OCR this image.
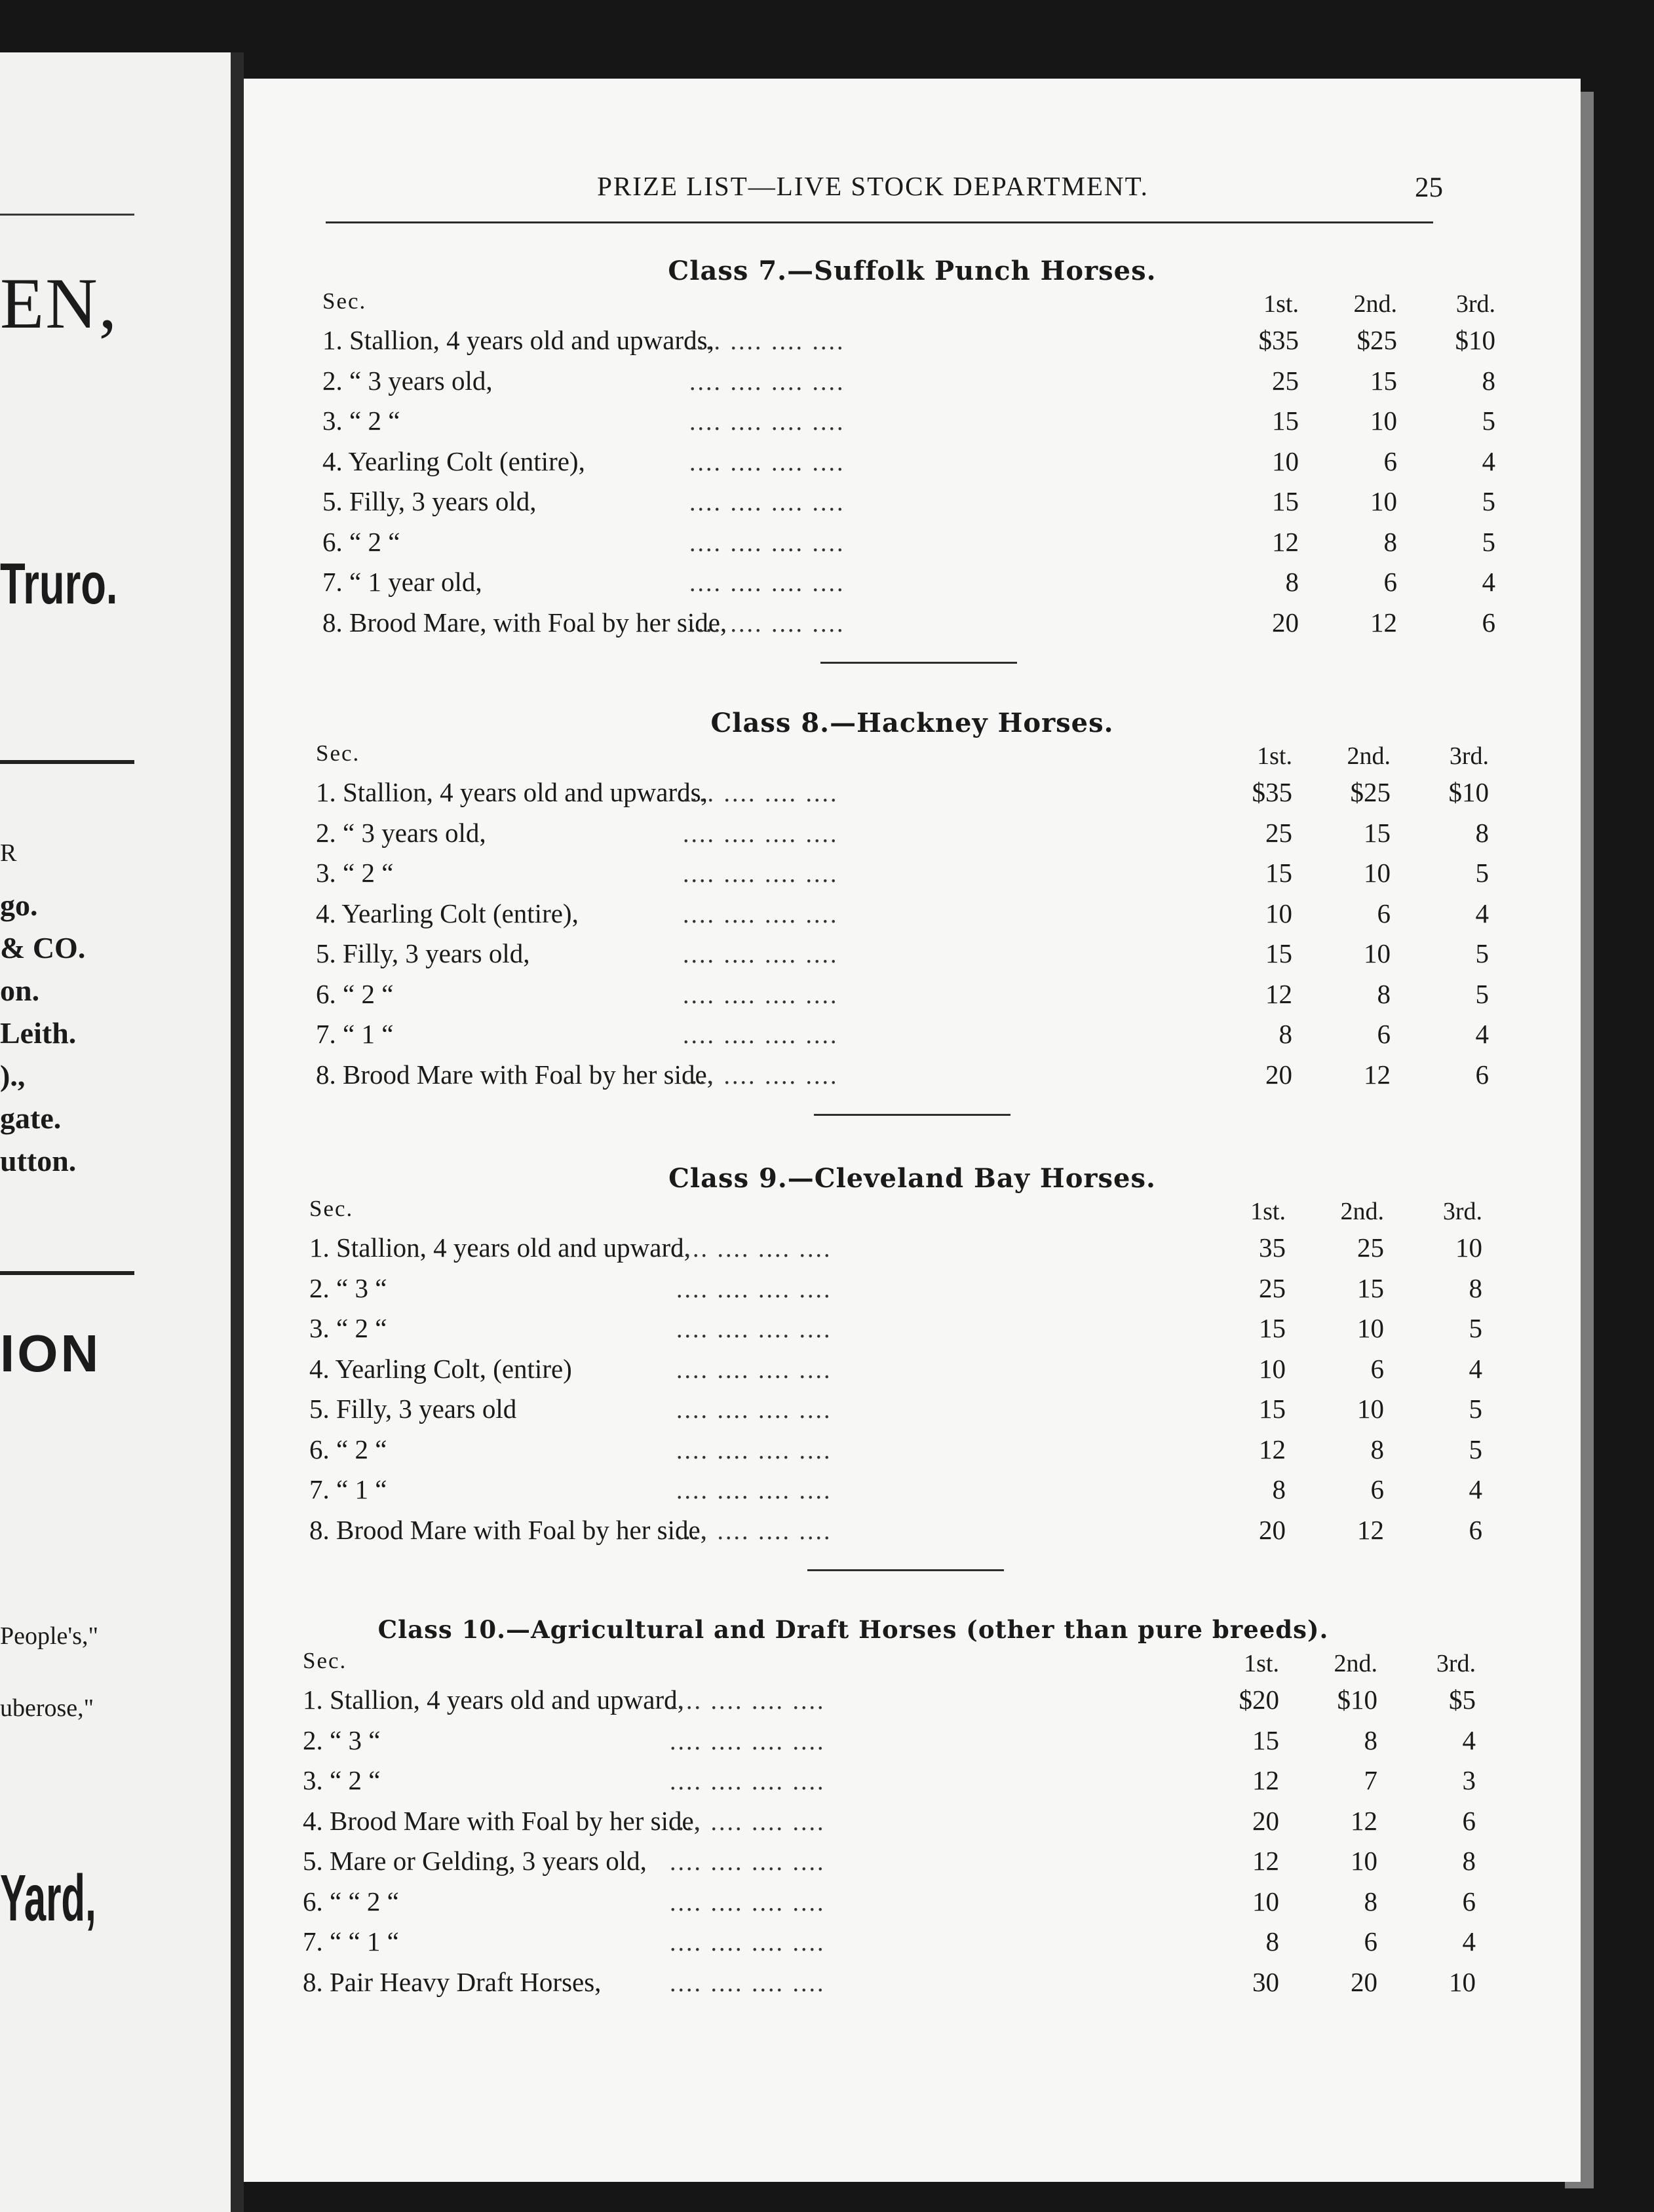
EN,
Truro.
R
go.
& CO.
on.
Leith.
).,
gate.
utton.
ION
People's,"
uberose,"
Yard,
PRIZE LIST—LIVE STOCK DEPARTMENT.	25
Class 7.—Suffolk Punch Horses.
Sec.	1st.	2nd.	3rd.
1. Stallion, 4 years old and upwards,
.... .... .... ....	$35	$25	$10
2. “ 3 years old,	.... .... .... ....	25	15	8
3. “ 2 “	.... .... .... ....	15	10	5
4. Yearling Colt (entire),	.... .... .... ....	10	6	4
5. Filly, 3 years old,	.... .... .... ....	15	10	5
6. “ 2 “	.... .... .... ....	12	8	5
7. “ 1 year old,	.... .... .... ....	8	6	4
8. Brood Mare, with Foal by her side,
.... .... .... ....	20	12	6
Class 8.—Hackney Horses.
Sec.	1st.	2nd.	3rd.
1. Stallion, 4 years old and upwards,
.... .... .... ....	$35	$25	$10
2. “ 3 years old,	.... .... .... ....	25	15	8
3. “ 2 “	.... .... .... ....	15	10	5
4. Yearling Colt (entire),	.... .... .... ....	10	6	4
5. Filly, 3 years old,	.... .... .... ....	15	10	5
6. “ 2 “	.... .... .... ....	12	8	5
7. “ 1 “	.... .... .... ....	8	6	4
8. Brood Mare with Foal by her side,
.... .... .... ....	20	12	6
Class 9.—Cleveland Bay Horses.
Sec.	1st.	2nd.	3rd.
1. Stallion, 4 years old and upward,
.... .... .... ....	35	25	10
2. “ 3 “	.... .... .... ....	25	15	8
3. “ 2 “	.... .... .... ....	15	10	5
4. Yearling Colt, (entire)	.... .... .... ....	10	6	4
5. Filly, 3 years old	.... .... .... ....	15	10	5
6. “ 2 “	.... .... .... ....	12	8	5
7. “ 1 “	.... .... .... ....	8	6	4
8. Brood Mare with Foal by her side,
.... .... .... ....	20	12	6
Class 10.—Agricultural and Draft Horses (other than pure breeds).
Sec.	1st.	2nd.	3rd.
1. Stallion, 4 years old and upward,
.... .... .... ....	$20	$10	$5
2. “ 3 “	.... .... .... ....	15	8	4
3. “ 2 “	.... .... .... ....	12	7	3
4. Brood Mare with Foal by her side,
.... .... .... ....	20	12	6
5. Mare or Gelding, 3 years old, .... .... .... ....	12	10	8
6. “ “ 2 “	.... .... .... ....	10	8	6
7. “ “ 1 “	.... .... .... ....	8	6	4
8. Pair Heavy Draft Horses,	.... .... .... ....	30	20	10
